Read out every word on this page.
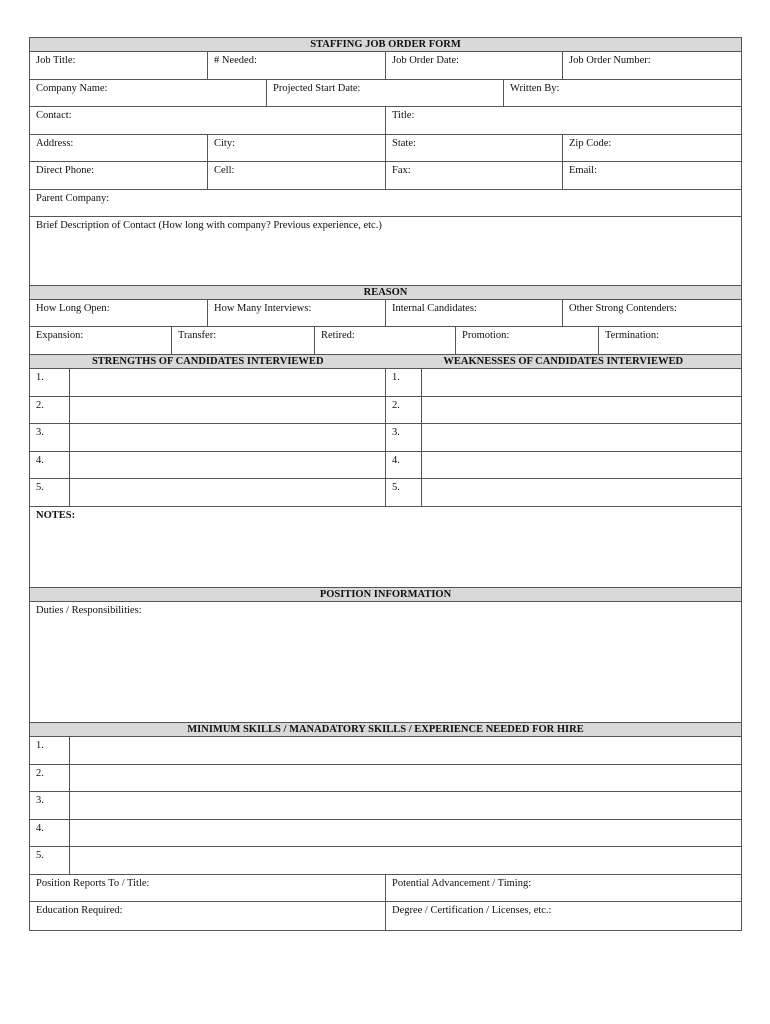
STAFFING JOB ORDER FORM
Job Title:	# Needed:	Job Order Date:	Job Order Number:
Company Name:	Projected Start Date:	Written By:
Contact:	Title:
Address:	City:	State:	Zip Code:
Direct Phone:	Cell:	Fax:	Email:
Parent Company:
Brief Description of Contact (How long with company? Previous experience, etc.)
REASON
How Long Open:	How Many Interviews:	Internal Candidates:	Other Strong Contenders:
Expansion:	Transfer:	Retired:	Promotion:	Termination:
STRENGTHS OF CANDIDATES INTERVIEWED	WEAKNESSES OF CANDIDATES INTERVIEWED
1.	1.
2.	2.
3.	3.
4.	4.
5.	5.
NOTES:
POSITION INFORMATION
Duties / Responsibilities:
MINIMUM SKILLS / MANADATORY SKILLS / EXPERIENCE NEEDED FOR HIRE
1.
2.
3.
4.
5.
Position Reports To / Title:	Potential Advancement / Timing:
Education Required:	Degree / Certification / Licenses, etc.:
